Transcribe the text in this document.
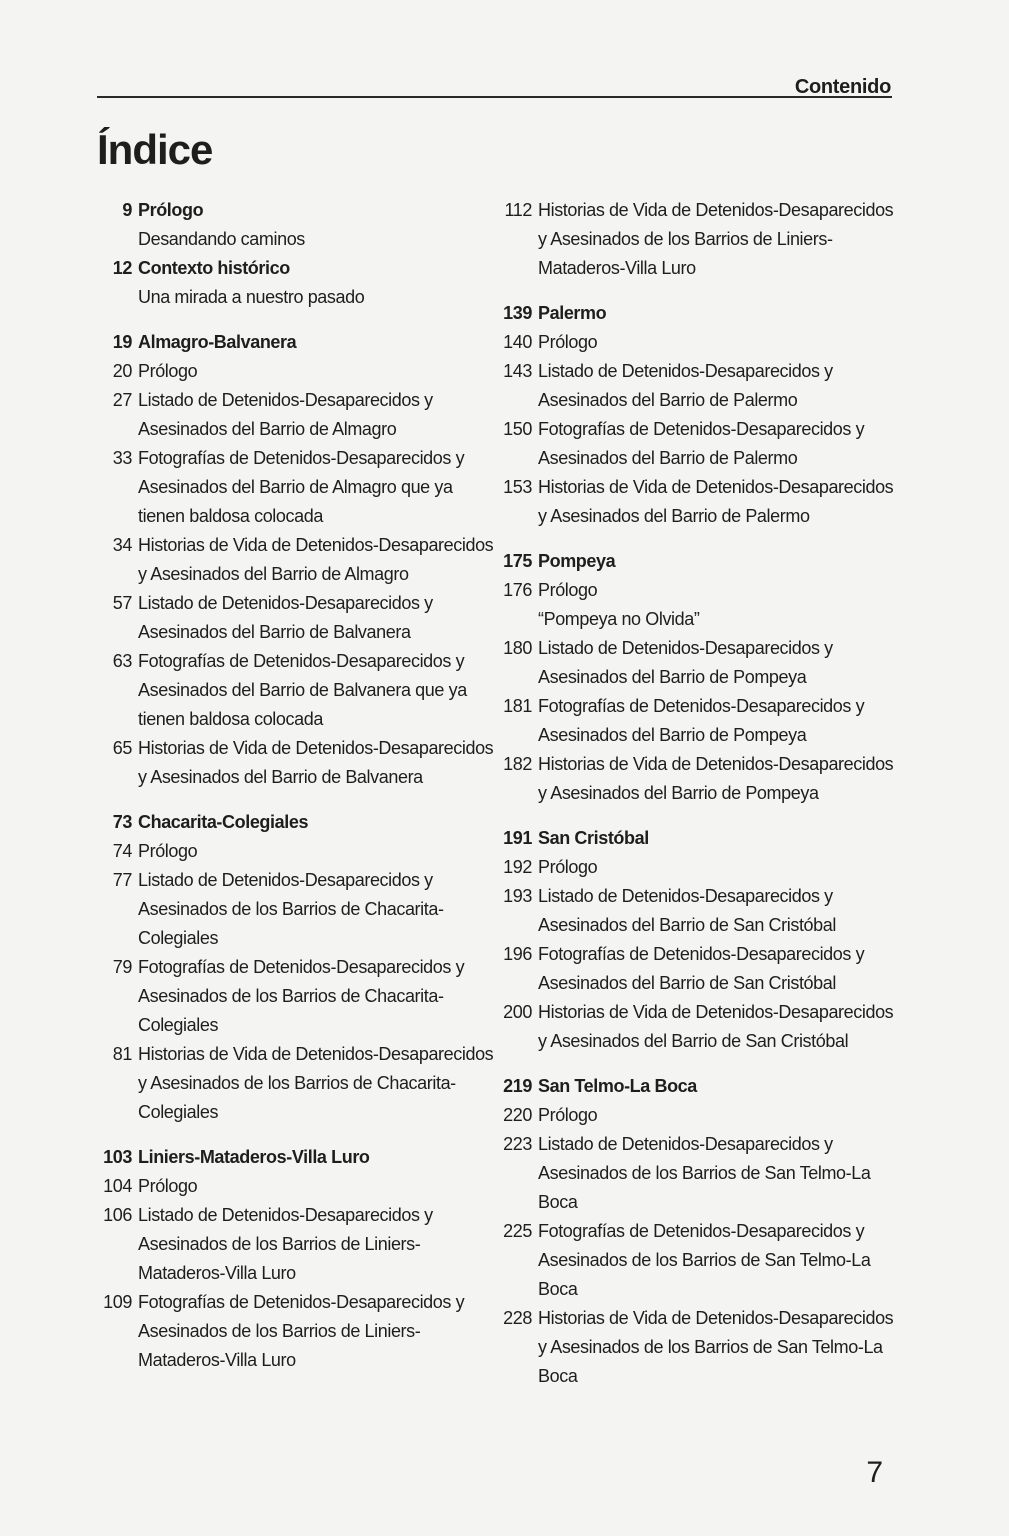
Contenido
Índice
9 Prólogo
Desandando caminos
12 Contexto histórico
Una mirada a nuestro pasado
19 Almagro-Balvanera
20 Prólogo
27 Listado de Detenidos-Desaparecidos y
Asesinados del Barrio de Almagro
33 Fotografías de Detenidos-Desaparecidos y
Asesinados del Barrio de Almagro que ya
tienen baldosa colocada
34 Historias de Vida de Detenidos-Desaparecidos
y Asesinados del Barrio de Almagro
57 Listado de Detenidos-Desaparecidos y
Asesinados del Barrio de Balvanera
63 Fotografías de Detenidos-Desaparecidos y
Asesinados del Barrio de Balvanera que ya
tienen baldosa colocada
65 Historias de Vida de Detenidos-Desaparecidos
y Asesinados del Barrio de Balvanera
73 Chacarita-Colegiales
74 Prólogo
77 Listado de Detenidos-Desaparecidos y
Asesinados de los Barrios de Chacarita-
Colegiales
79 Fotografías de Detenidos-Desaparecidos y
Asesinados de los Barrios de Chacarita-
Colegiales
81 Historias de Vida de Detenidos-Desaparecidos
y Asesinados de los Barrios de Chacarita-
Colegiales
103 Liniers-Mataderos-Villa Luro
104 Prólogo
106 Listado de Detenidos-Desaparecidos y
Asesinados de los Barrios de Liniers-
Mataderos-Villa Luro
109 Fotografías de Detenidos-Desaparecidos y
Asesinados de los Barrios de Liniers-
Mataderos-Villa Luro
112 Historias de Vida de Detenidos-Desaparecidos
y Asesinados de los Barrios de Liniers-
Mataderos-Villa Luro
139 Palermo
140 Prólogo
143 Listado de Detenidos-Desaparecidos y
Asesinados del Barrio de Palermo
150 Fotografías de Detenidos-Desaparecidos y
Asesinados del Barrio de Palermo
153 Historias de Vida de Detenidos-Desaparecidos
y Asesinados del Barrio de Palermo
175 Pompeya
176 Prólogo
“Pompeya no Olvida”
180 Listado de Detenidos-Desaparecidos y
Asesinados del Barrio de Pompeya
181 Fotografías de Detenidos-Desaparecidos y
Asesinados del Barrio de Pompeya
182 Historias de Vida de Detenidos-Desaparecidos
y Asesinados del Barrio de Pompeya
191 San Cristóbal
192 Prólogo
193 Listado de Detenidos-Desaparecidos y
Asesinados del Barrio de San Cristóbal
196 Fotografías de Detenidos-Desaparecidos y
Asesinados del Barrio de San Cristóbal
200 Historias de Vida de Detenidos-Desaparecidos
y Asesinados del Barrio de San Cristóbal
219 San Telmo-La Boca
220 Prólogo
223 Listado de Detenidos-Desaparecidos y
Asesinados de los Barrios de San Telmo-La Boca
225 Fotografías de Detenidos-Desaparecidos y
Asesinados de los Barrios de San Telmo-La Boca
228 Historias de Vida de Detenidos-Desaparecidos
y Asesinados de los Barrios de San Telmo-La Boca
7
